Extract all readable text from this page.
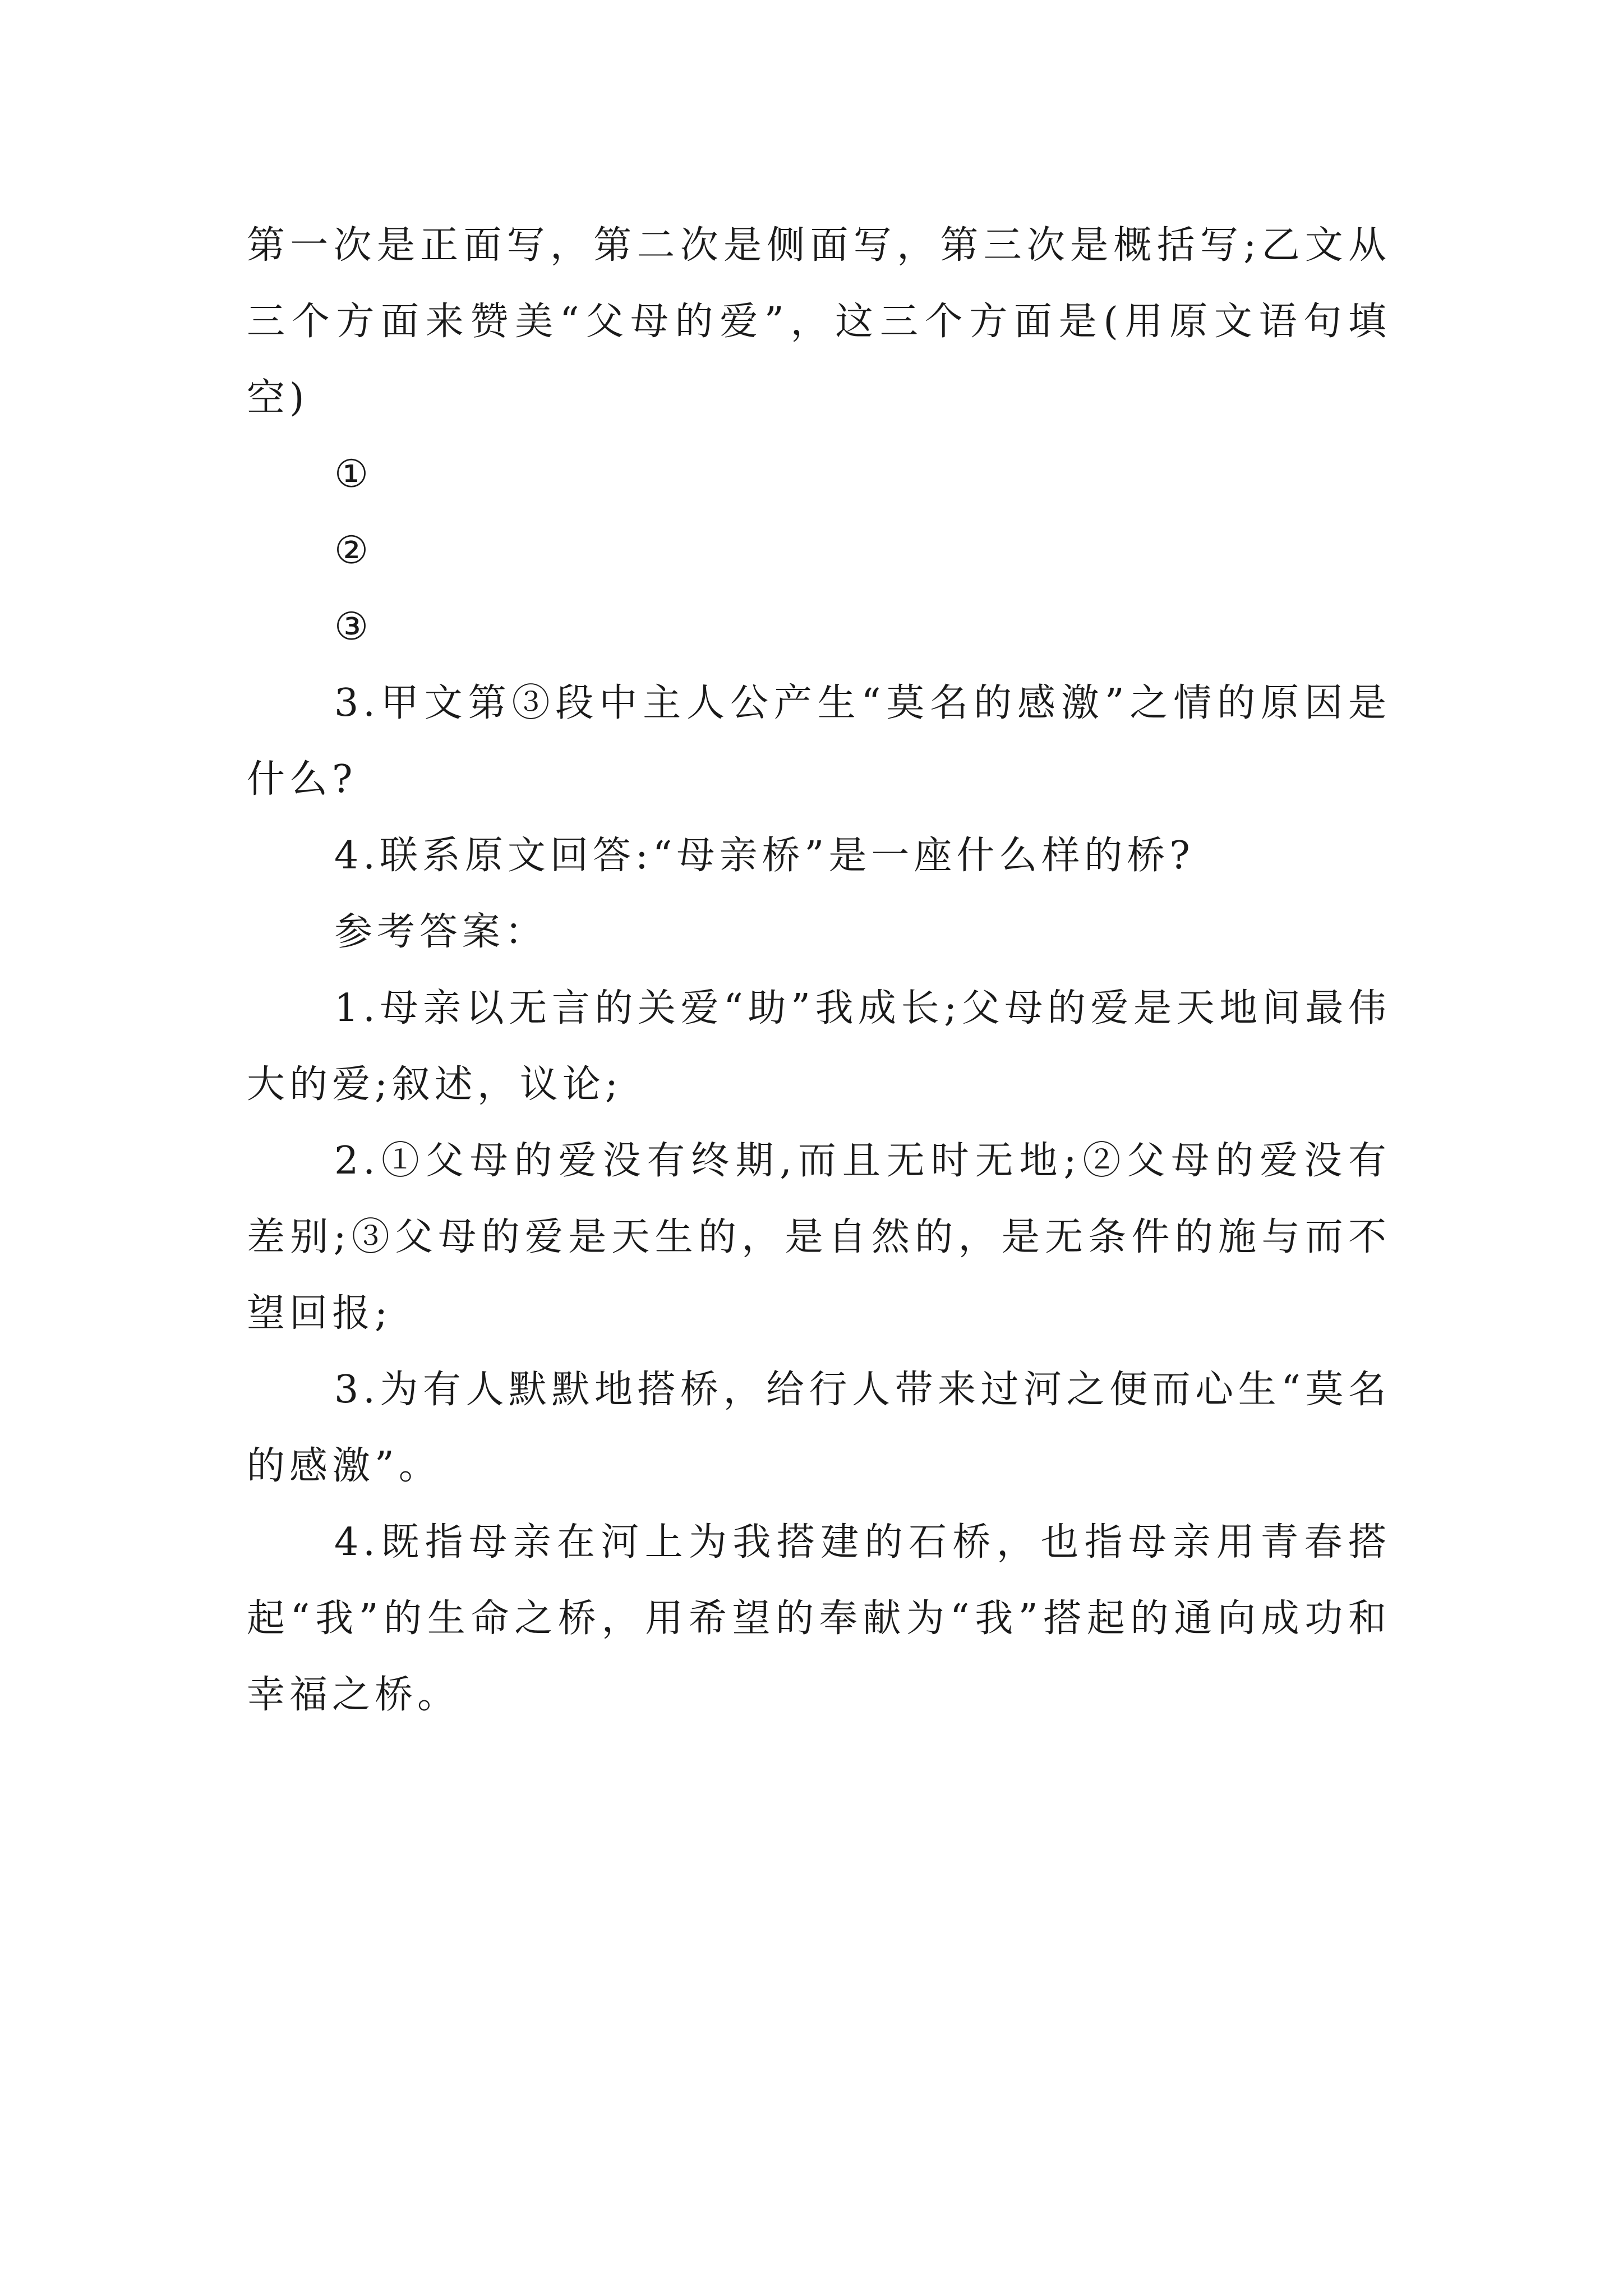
第一次是正面写，第二次是侧面写，第三次是概括写;乙文从三个方面来赞美“父母的爱”，这三个方面是(用原文语句填空)

①

②

③

3.甲文第③段中主人公产生“莫名的感激”之情的原因是什么?

4.联系原文回答:“母亲桥”是一座什么样的桥?

参考答案：

1.母亲以无言的关爱“助”我成长;父母的爱是天地间最伟大的爱;叙述，议论;

2.①父母的爱没有终期,而且无时无地;②父母的爱没有差别;③父母的爱是天生的，是自然的，是无条件的施与而不望回报;

3.为有人默默地搭桥，给行人带来过河之便而心生“莫名的感激”。

4.既指母亲在河上为我搭建的石桥，也指母亲用青春搭起“我”的生命之桥，用希望的奉献为“我”搭起的通向成功和幸福之桥。
